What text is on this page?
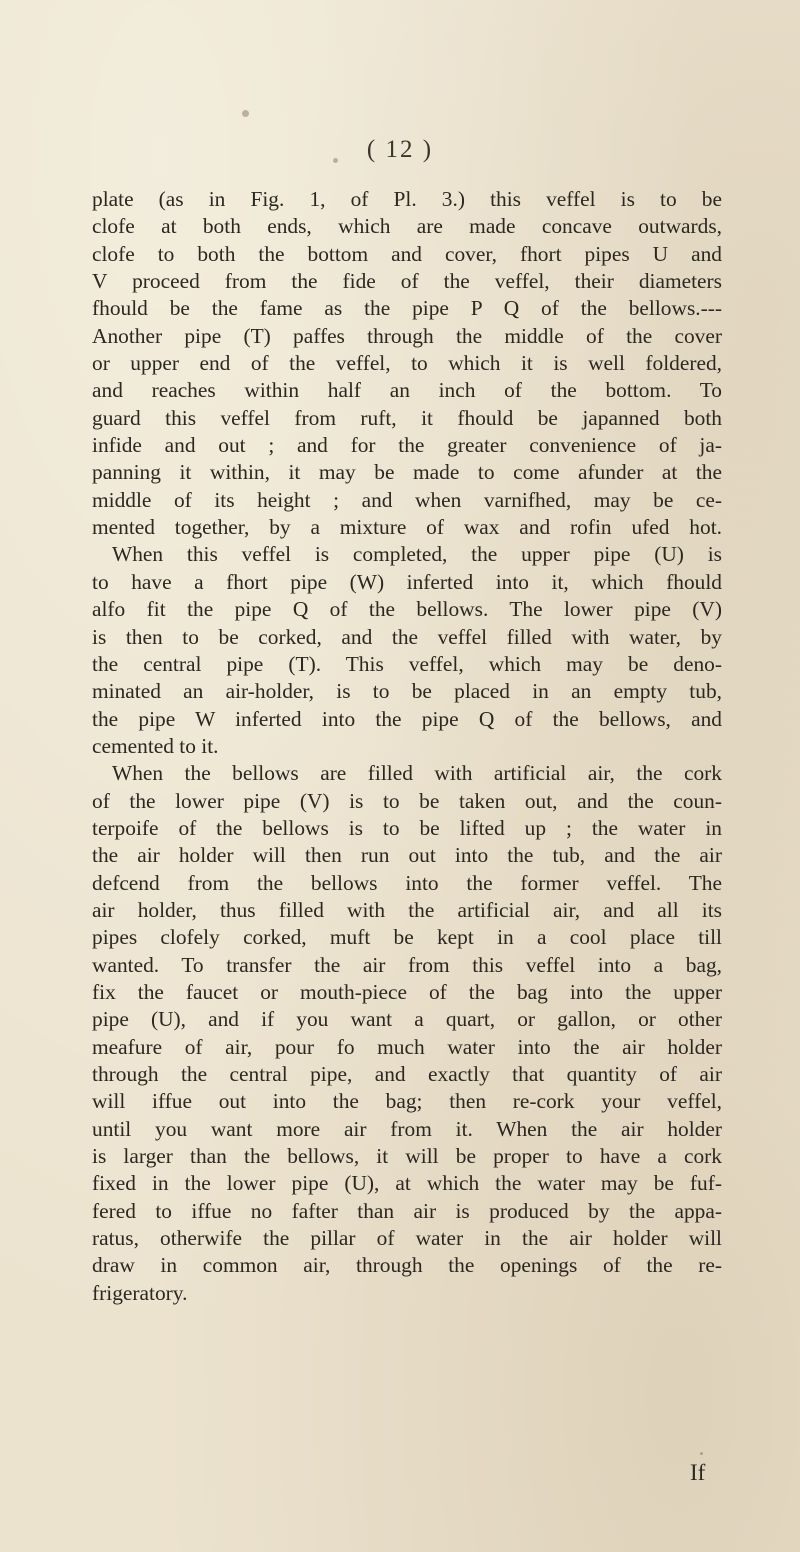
( 12 )
plate (as in Fig. 1, of Pl. 3.) this veffel is to be
clofe at both ends, which are made concave outwards,
clofe to both the bottom and cover, fhort pipes U and
V proceed from the fide of the veffel, their diameters
fhould be the fame as the pipe P Q of the bellows.---
Another pipe (T) paffes through the middle of the cover
or upper end of the veffel, to which it is well foldered,
and reaches within half an inch of the bottom. To
guard this veffel from ruft, it fhould be japanned both
infide and out ; and for the greater convenience of ja-
panning it within, it may be made to come afunder at the
middle of its height ; and when varnifhed, may be ce-
mented together, by a mixture of wax and rofin ufed hot.
When this veffel is completed, the upper pipe (U) is
to have a fhort pipe (W) inferted into it, which fhould
alfo fit the pipe Q of the bellows. The lower pipe (V)
is then to be corked, and the veffel filled with water, by
the central pipe (T). This veffel, which may be deno-
minated an air-holder, is to be placed in an empty tub,
the pipe W inferted into the pipe Q of the bellows, and
cemented to it.
When the bellows are filled with artificial air, the cork
of the lower pipe (V) is to be taken out, and the coun-
terpoife of the bellows is to be lifted up ; the water in
the air holder will then run out into the tub, and the air
defcend from the bellows into the former veffel. The
air holder, thus filled with the artificial air, and all its
pipes clofely corked, muft be kept in a cool place till
wanted. To transfer the air from this veffel into a bag,
fix the faucet or mouth-piece of the bag into the upper
pipe (U), and if you want a quart, or gallon, or other
meafure of air, pour fo much water into the air holder
through the central pipe, and exactly that quantity of air
will iffue out into the bag; then re-cork your veffel,
until you want more air from it. When the air holder
is larger than the bellows, it will be proper to have a cork
fixed in the lower pipe (U), at which the water may be fuf-
fered to iffue no fafter than air is produced by the appa-
ratus, otherwife the pillar of water in the air holder will
draw in common air, through the openings of the re-
frigeratory.
If
